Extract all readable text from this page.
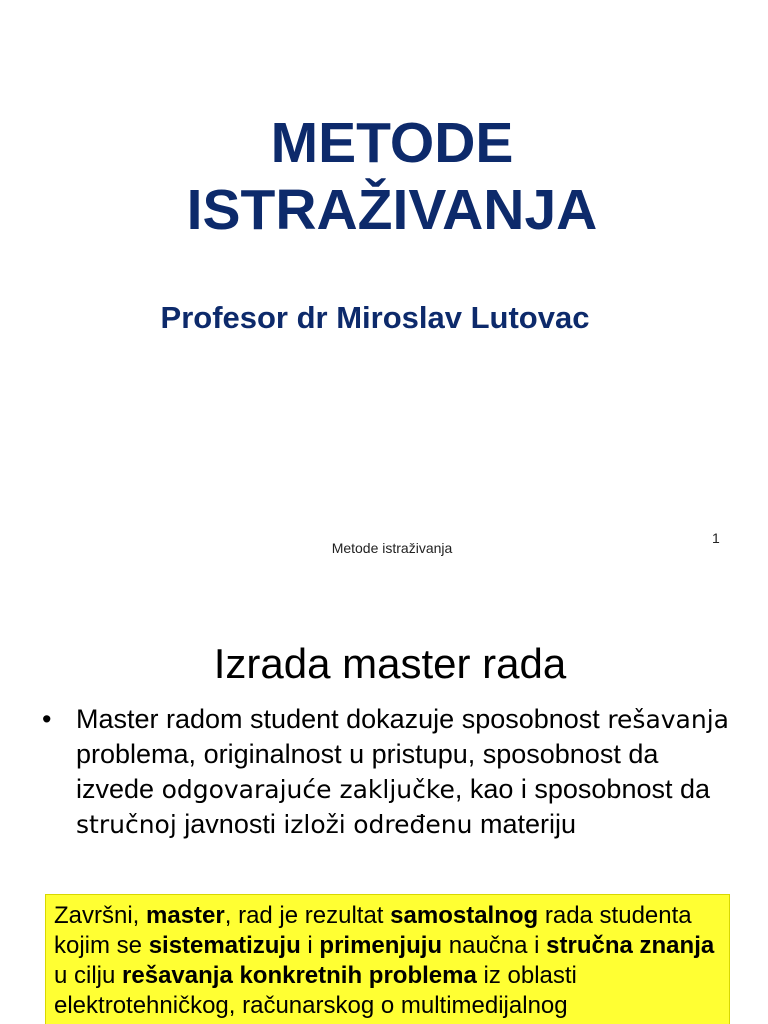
METODE
ISTRAŽIVANJA
Profesor dr Miroslav Lutovac
Metode istraživanja
1
Izrada master rada
• Master radom student dokazuje sposobnost rešavanja problema, originalnost u pristupu, sposobnost da izvede odgovarajuće zaključke, kao i sposobnost da stručnoj javnosti izloži određenu materiju
Završni, master, rad je rezultat samostalnog rada studenta kojim se sistematizuju i primenjuju naučna i stručna znanja u cilju rešavanja konkretnih problema iz oblasti elektrotehničkog, računarskog o multimedijalnog
